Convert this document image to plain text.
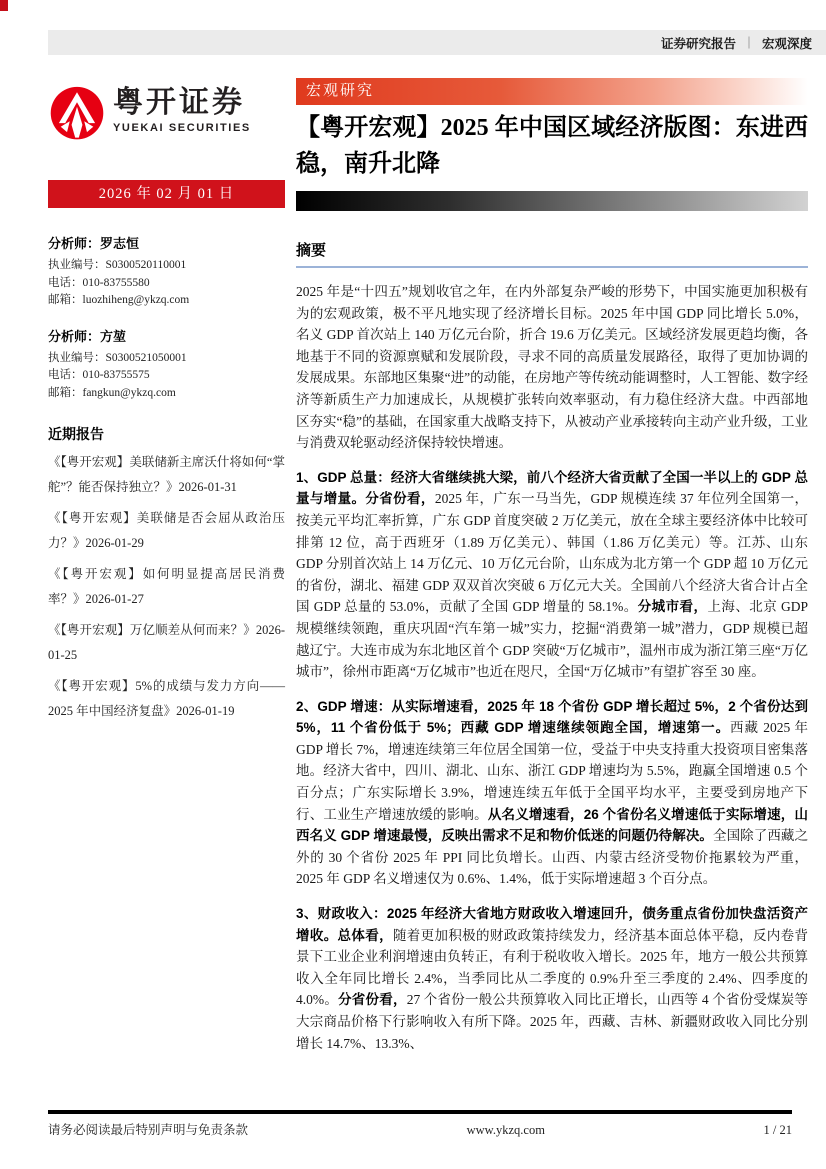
证券研究报告 ｜ 宏观深度
粤开证券
YUEKAI SECURITIES
2026 年 02 月 01 日
分析师：罗志恒
执业编号：S0300520110001
电话：010-83755580
邮箱：luozhiheng@ykzq.com
分析师：方堃
执业编号：S0300521050001
电话：010-83755575
邮箱：fangkun@ykzq.com
近期报告
《【粤开宏观】美联储新主席沃什将如何“掌舵”？能否保持独立？》2026-01-31
《【粤开宏观】美联储是否会屈从政治压力？》2026-01-29
《【粤开宏观】如何明显提高居民消费率？》2026-01-27
《【粤开宏观】万亿顺差从何而来？》2026-01-25
《【粤开宏观】5%的成绩与发力方向——2025 年中国经济复盘》2026-01-19
宏观研究
【粤开宏观】2025 年中国区域经济版图：东进西稳，南升北降
摘要

2025 年是“十四五”规划收官之年，在内外部复杂严峻的形势下，中国实施更加积极有为的宏观政策，极不平凡地实现了经济增长目标。2025 年中国 GDP 同比增长 5.0%，名义 GDP 首次站上 140 万亿元台阶，折合 19.6 万亿美元。区域经济发展更趋均衡，各地基于不同的资源禀赋和发展阶段，寻求不同的高质量发展路径，取得了更加协调的发展成果。东部地区集聚“进”的动能，在房地产等传统动能调整时，人工智能、数字经济等新质生产力加速成长，从规模扩张转向效率驱动，有力稳住经济大盘。中西部地区夯实“稳”的基础，在国家重大战略支持下，从被动产业承接转向主动产业升级，工业与消费双轮驱动经济保持较快增速。

1、GDP 总量：经济大省继续挑大梁，前八个经济大省贡献了全国一半以上的 GDP 总量与增量。分省份看，2025 年，广东一马当先，GDP 规模连续 37 年位列全国第一，按美元平均汇率折算，广东 GDP 首度突破 2 万亿美元，放在全球主要经济体中比较可排第 12 位，高于西班牙（1.89 万亿美元）、韩国（1.86 万亿美元）等。江苏、山东 GDP 分别首次站上 14 万亿元、10 万亿元台阶，山东成为北方第一个 GDP 超 10 万亿元的省份，湖北、福建 GDP 双双首次突破 6 万亿元大关。全国前八个经济大省合计占全国 GDP 总量的 53.0%，贡献了全国 GDP 增量的 58.1%。分城市看，上海、北京 GDP 规模继续领跑，重庆巩固“汽车第一城”实力，挖掘“消费第一城”潜力，GDP 规模已超越辽宁。大连市成为东北地区首个 GDP 突破“万亿城市”，温州市成为浙江第三座“万亿城市”，徐州市距离“万亿城市”也近在咫尺，全国“万亿城市”有望扩容至 30 座。

2、GDP 增速：从实际增速看，2025 年 18 个省份 GDP 增长超过 5%，2 个省份达到 5%，11 个省份低于 5%；西藏 GDP 增速继续领跑全国，增速第一。西藏 2025 年 GDP 增长 7%，增速连续第三年位居全国第一位，受益于中央支持重大投资项目密集落地。经济大省中，四川、湖北、山东、浙江 GDP 增速均为 5.5%，跑赢全国增速 0.5 个百分点；广东实际增长 3.9%，增速连续五年低于全国平均水平，主要受到房地产下行、工业生产增速放缓的影响。从名义增速看，26 个省份名义增速低于实际增速，山西名义 GDP 增速最慢，反映出需求不足和物价低迷的问题仍待解决。全国除了西藏之外的 30 个省份 2025 年 PPI 同比负增长。山西、内蒙古经济受物价拖累较为严重，2025 年 GDP 名义增速仅为 0.6%、1.4%，低于实际增速超 3 个百分点。

3、财政收入：2025 年经济大省地方财政收入增速回升，债务重点省份加快盘活资产增收。总体看，随着更加积极的财政政策持续发力，经济基本面总体平稳，反内卷背景下工业企业利润增速由负转正，有利于税收收入增长。2025 年，地方一般公共预算收入全年同比增长 2.4%，当季同比从二季度的 0.9%升至三季度的 2.4%、四季度的 4.0%。分省份看，27 个省份一般公共预算收入同比正增长，山西等 4 个省份受煤炭等大宗商品价格下行影响收入有所下降。2025 年，西藏、吉林、新疆财政收入同比分别增长 14.7%、13.3%、

请务必阅读最后特别声明与免责条款	www.ykzq.com	1 / 21
